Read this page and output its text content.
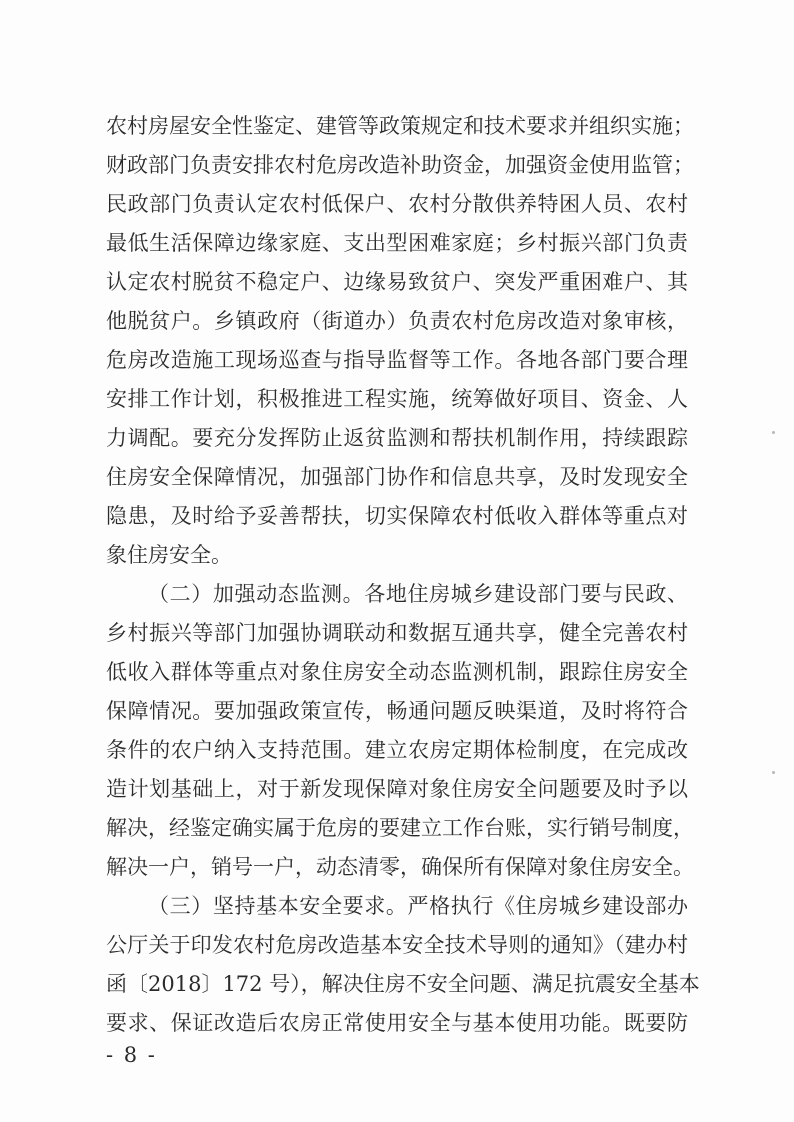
农村房屋安全性鉴定、建管等政策规定和技术要求并组织实施；
财政部门负责安排农村危房改造补助资金，加强资金使用监管；
民政部门负责认定农村低保户、农村分散供养特困人员、农村
最低生活保障边缘家庭、支出型困难家庭；乡村振兴部门负责
认定农村脱贫不稳定户、边缘易致贫户、突发严重困难户、其
他脱贫户。乡镇政府（街道办）负责农村危房改造对象审核，
危房改造施工现场巡查与指导监督等工作。各地各部门要合理
安排工作计划，积极推进工程实施，统筹做好项目、资金、人
力调配。要充分发挥防止返贫监测和帮扶机制作用，持续跟踪
住房安全保障情况，加强部门协作和信息共享，及时发现安全
隐患，及时给予妥善帮扶，切实保障农村低收入群体等重点对
象住房安全。
（二）加强动态监测。各地住房城乡建设部门要与民政、
乡村振兴等部门加强协调联动和数据互通共享，健全完善农村
低收入群体等重点对象住房安全动态监测机制，跟踪住房安全
保障情况。要加强政策宣传，畅通问题反映渠道，及时将符合
条件的农户纳入支持范围。建立农房定期体检制度，在完成改
造计划基础上，对于新发现保障对象住房安全问题要及时予以
解决，经鉴定确实属于危房的要建立工作台账，实行销号制度，
解决一户，销号一户，动态清零，确保所有保障对象住房安全。
（三）坚持基本安全要求。严格执行《住房城乡建设部办
公厅关于印发农村危房改造基本安全技术导则的通知》（建办村
函〔2018〕172 号），解决住房不安全问题、满足抗震安全基本
要求、保证改造后农房正常使用安全与基本使用功能。既要防
- 8 -
